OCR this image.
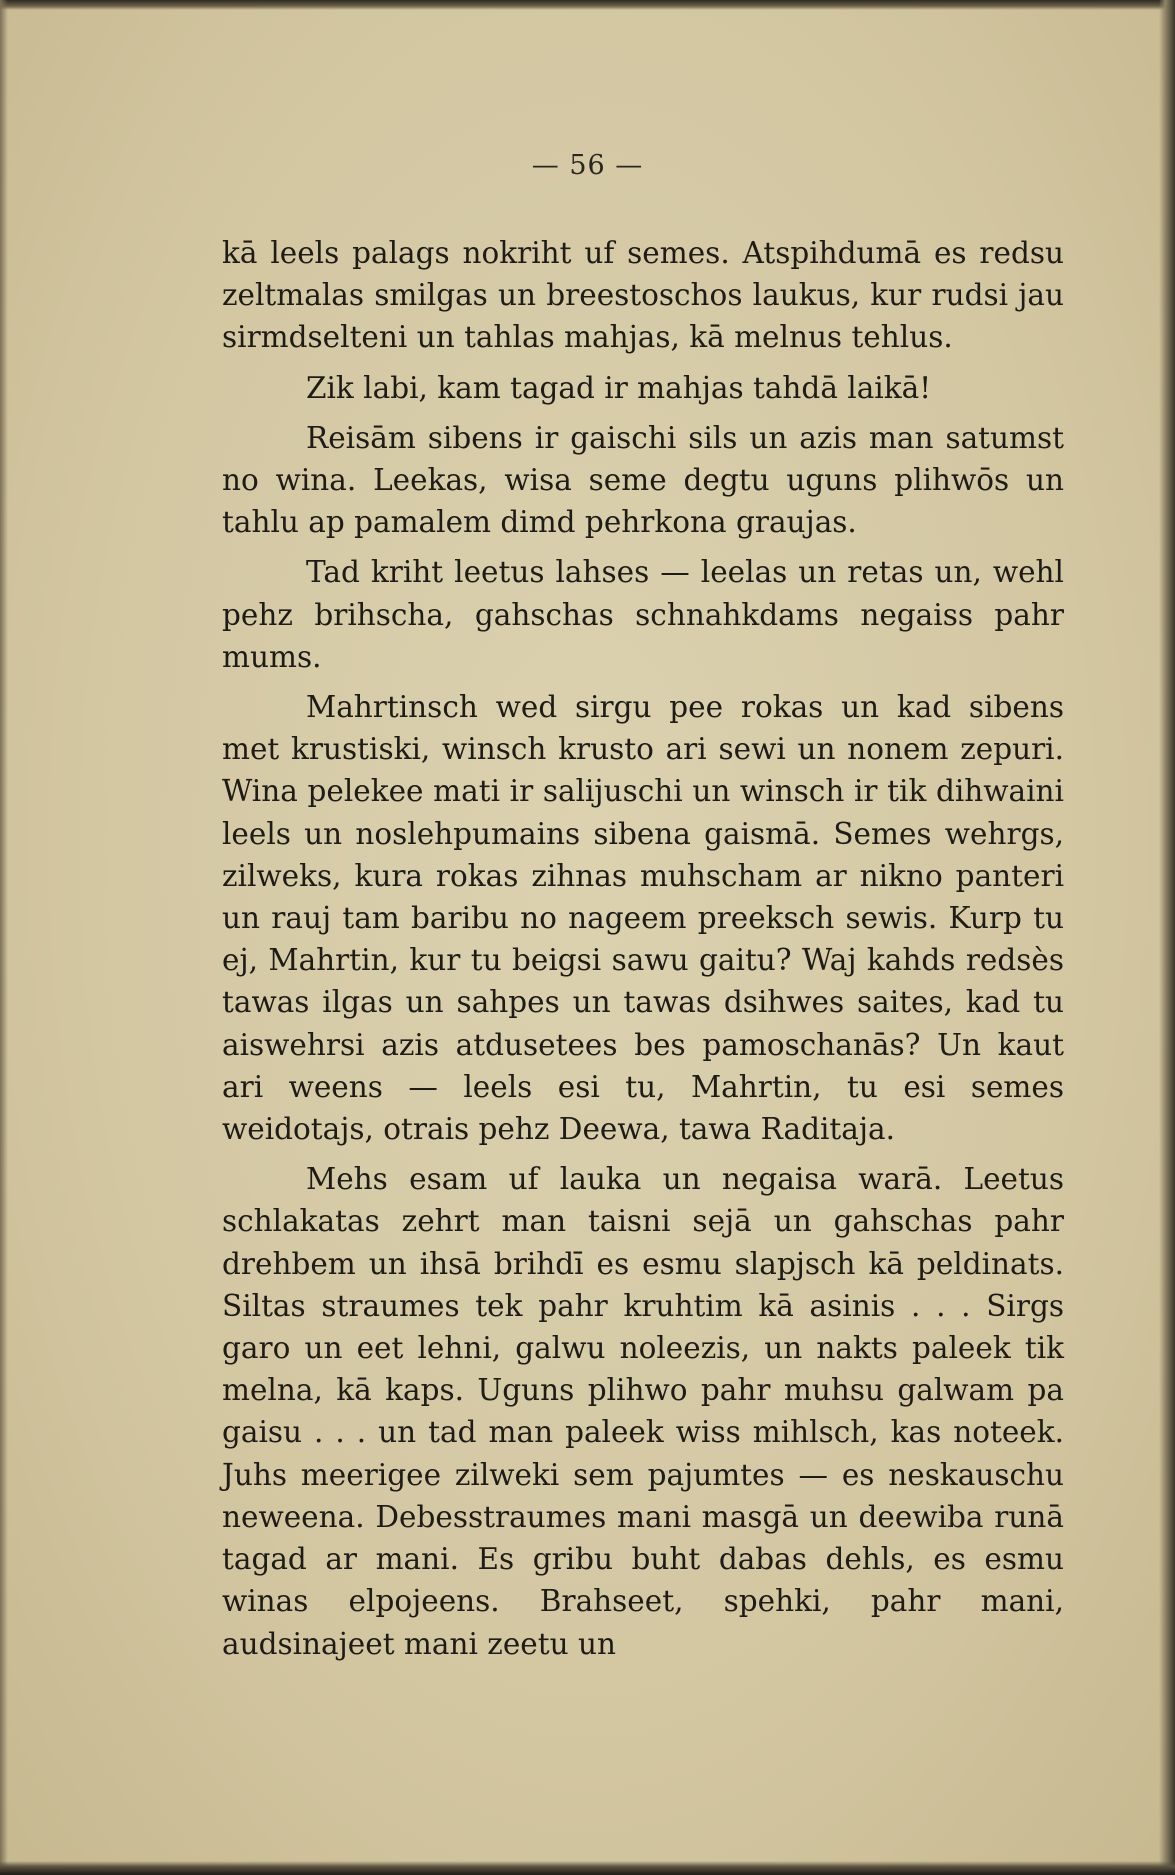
— 56 —

kā leels palags nokriht uf semes. Atspihdumā es redsu zeltmalas smilgas un breestoschos laukus, kur rudsi jau sirmdselteni un tahlas mahjas, kā melnus tehlus.

Zik labi, kam tagad ir mahjas tahdā laikā!

Reisām sibens ir gaischi sils un azis man satumst no wina. Leekas, wisa seme degtu uguns plihwōs un tahlu ap pamalem dimd pehrkona graujas.

Tad kriht leetus lahses — leelas un retas un, wehl pehz brihscha, gahschas schnahkdams negaiss pahr mums.

Mahrtinsch wed sirgu pee rokas un kad sibens met krustiski, winsch krusto ari sewi un nonem zepuri. Wina pelekee mati ir salijuschi un winsch ir tik dihwaini leels un noslehpumains sibena gaismā. Semes wehrgs, zilweks, kura rokas zihnas muhscham ar nikno panteri un rauj tam baribu no nageem preeksch sewis. Kurp tu ej, Mahrtin, kur tu beigsi sawu gaitu? Waj kahds redsès tawas ilgas un sahpes un tawas dsihwes saites, kad tu aiswehrsi azis atdusetees bes pamoschanās? Un kaut ari weens — leels esi tu, Mahrtin, tu esi semes weidotajs, otrais pehz Deewa, tawa Raditaja.

Mehs esam uf lauka un negaisa warā. Leetus schlakatas zehrt man taisni sejā un gahschas pahr drehbem un ihsā brihdī es esmu slapjsch kā peldinats. Siltas straumes tek pahr kruhtim kā asinis . . . Sirgs garo un eet lehni, galwu noleezis, un nakts paleek tik melna, kā kaps. Uguns plihwo pahr muhsu galwam pa gaisu . . . un tad man paleek wiss mihlsch, kas noteek. Juhs meerigee zilweki sem pajumtes — es neskauschu neweena. Debesstraumes mani masgā un deewiba runā tagad ar mani. Es gribu buht dabas dehls, es esmu winas elpojeens. Brahseet, spehki, pahr mani, audsinajeet mani zeetu un
